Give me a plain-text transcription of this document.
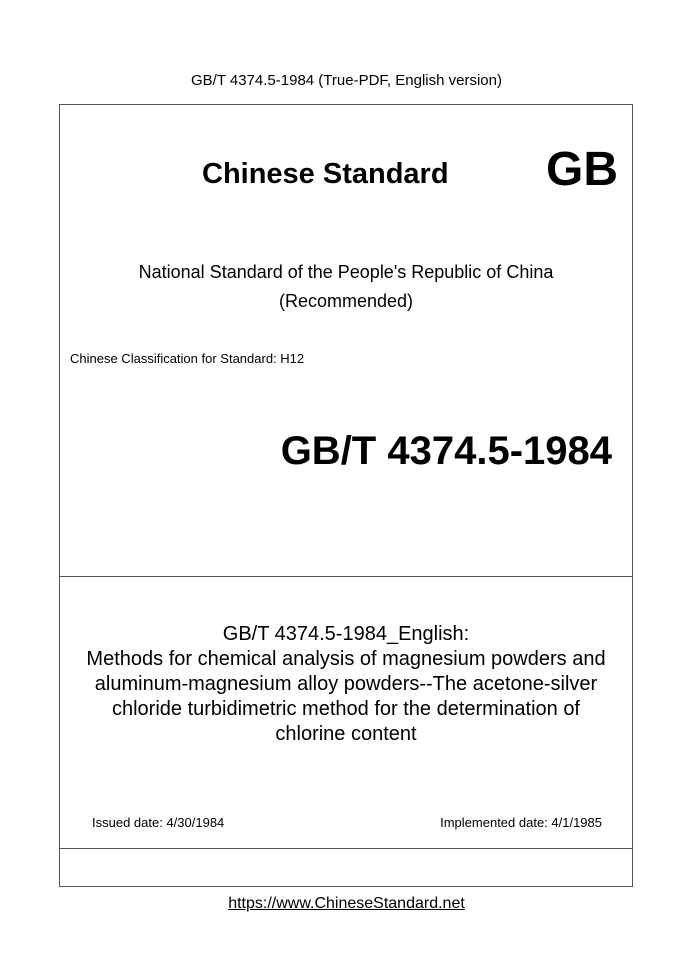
GB/T 4374.5-1984 (True-PDF, English version)
Chinese Standard GB
National Standard of the People's Republic of China
(Recommended)
Chinese Classification for Standard: H12
GB/T 4374.5-1984
GB/T 4374.5-1984_English:
Methods for chemical analysis of magnesium powders and
aluminum-magnesium alloy powders--The acetone-silver
chloride turbidimetric method for the determination of
chlorine content
Issued date: 4/30/1984	Implemented date: 4/1/1985
https://www.ChineseStandard.net
